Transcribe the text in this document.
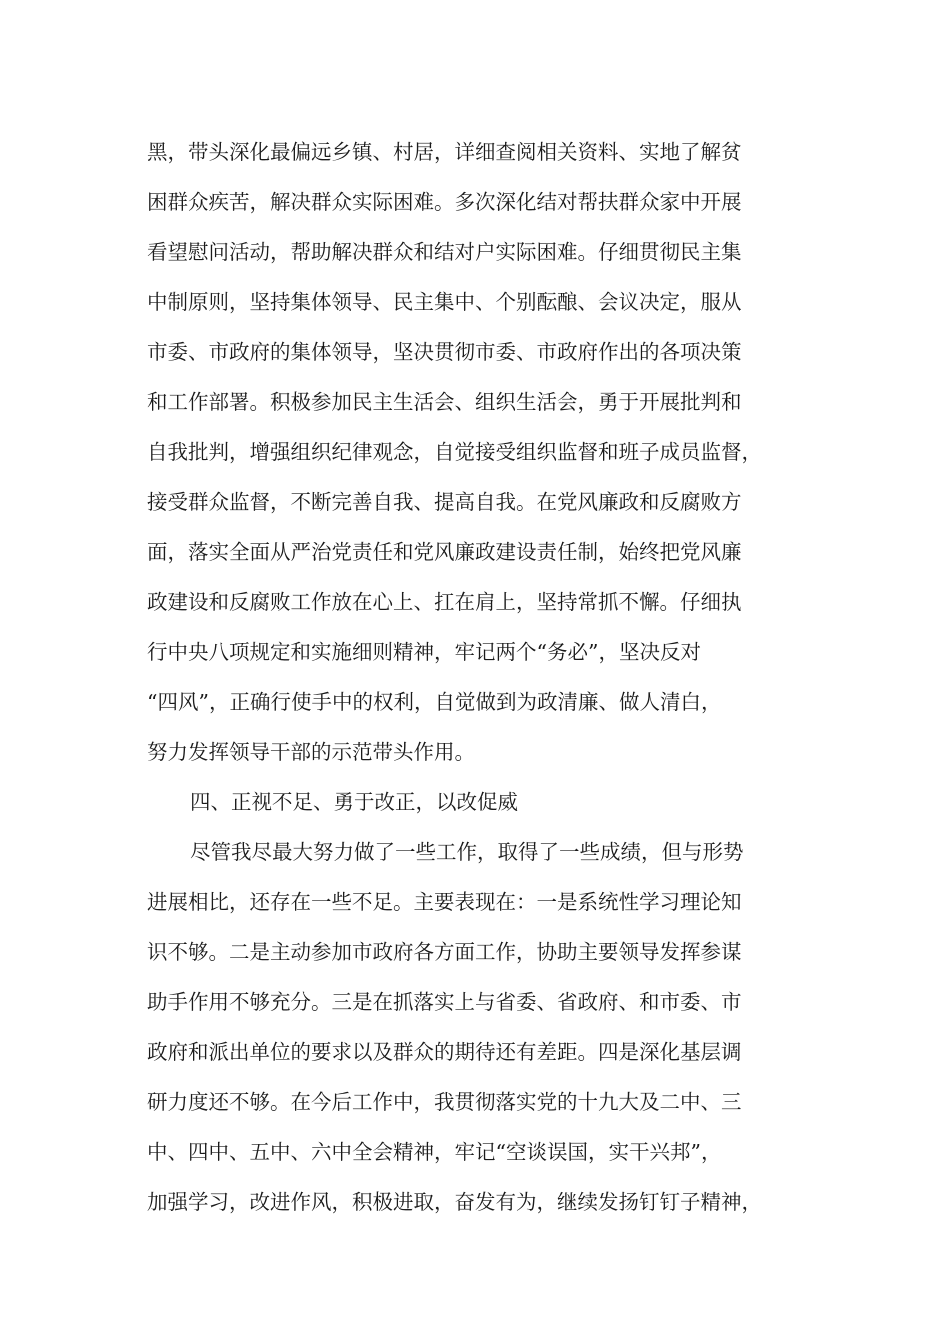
黑，带头深化最偏远乡镇、村居，详细查阅相关资料、实地了解贫
困群众疾苦，解决群众实际困难。多次深化结对帮扶群众家中开展
看望慰问活动，帮助解决群众和结对户实际困难。仔细贯彻民主集
中制原则，坚持集体领导、民主集中、个别酝酿、会议决定，服从
市委、市政府的集体领导，坚决贯彻市委、市政府作出的各项决策
和工作部署。积极参加民主生活会、组织生活会，勇于开展批判和
自我批判，增强组织纪律观念，自觉接受组织监督和班子成员监督，
接受群众监督，不断完善自我、提高自我。在党风廉政和反腐败方
面，落实全面从严治党责任和党风廉政建设责任制，始终把党风廉
政建设和反腐败工作放在心上、扛在肩上，坚持常抓不懈。仔细执
行中央八项规定和实施细则精神，牢记两个“务必”，坚决反对
“四风”，正确行使手中的权利，自觉做到为政清廉、做人清白，
努力发挥领导干部的示范带头作用。
四、正视不足、勇于改正，以改促威
尽管我尽最大努力做了一些工作，取得了一些成绩，但与形势
进展相比，还存在一些不足。主要表现在：一是系统性学习理论知
识不够。二是主动参加市政府各方面工作，协助主要领导发挥参谋
助手作用不够充分。三是在抓落实上与省委、省政府、和市委、市
政府和派出单位的要求以及群众的期待还有差距。四是深化基层调
研力度还不够。在今后工作中，我贯彻落实党的十九大及二中、三
中、四中、五中、六中全会精神，牢记“空谈误国，实干兴邦”，
加强学习，改进作风，积极进取，奋发有为，继续发扬钉钉子精神，
